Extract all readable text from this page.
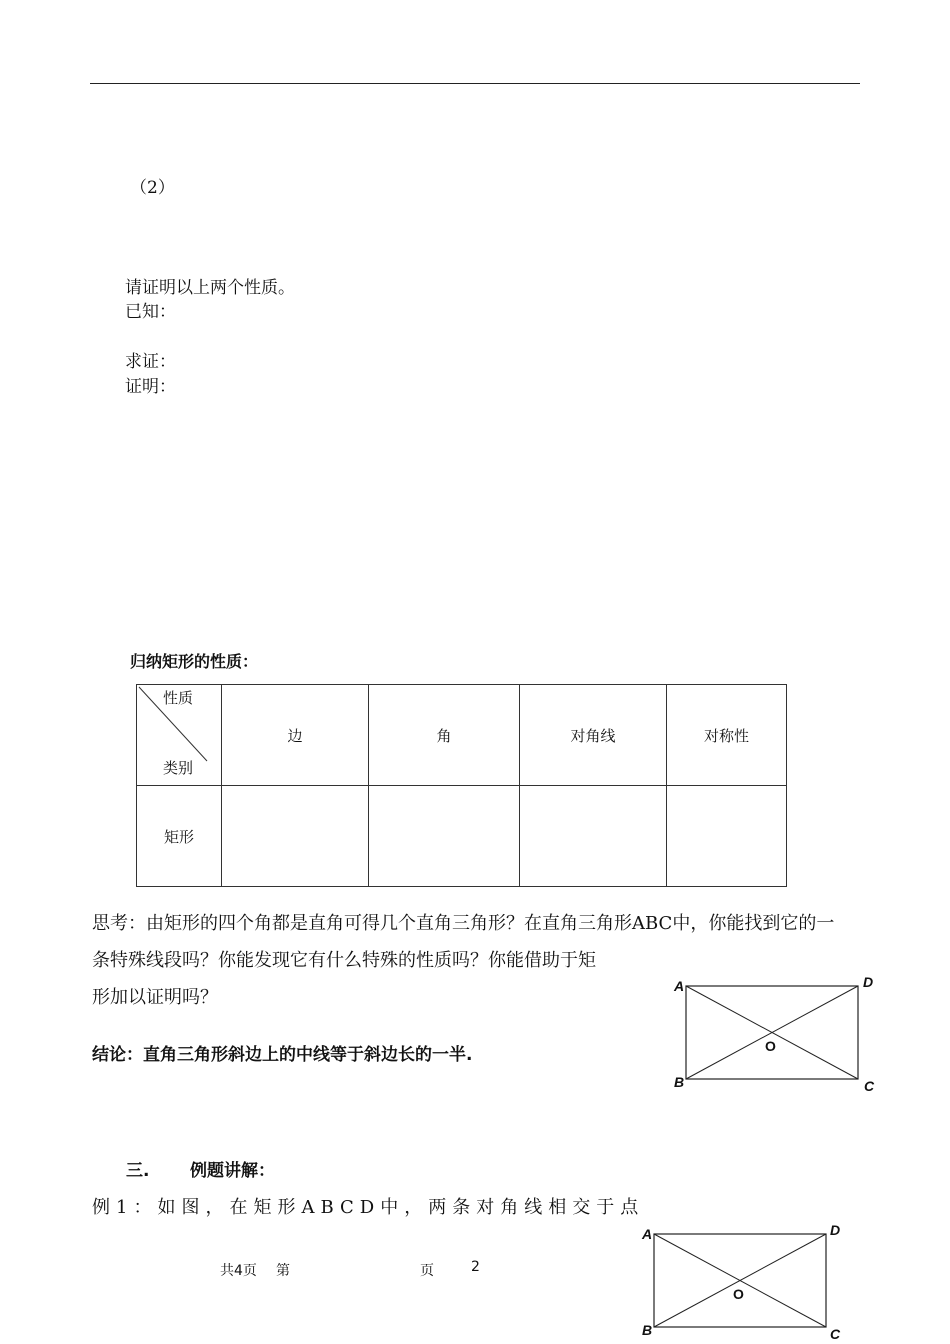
（2）
请证明以上两个性质。
已知：
求证：
证明：
归纳矩形的性质：
性质
类别	边	角	对角线	对称性
矩形				
思考：由矩形的四个角都是直角可得几个直角三角形？在直角三角形ABC中，你能找到它的一
条特殊线段吗？你能发现它有什么特殊的性质吗？你能借助于矩
形加以证明吗？
结论：直角三角形斜边上的中线等于斜边长的一半.
三. 例题讲解：
例1：如图，在矩形ABCD中，两条对角线相交于点
A	D
B	C
O
A	D
B	C
O
共4页 第	页	2
